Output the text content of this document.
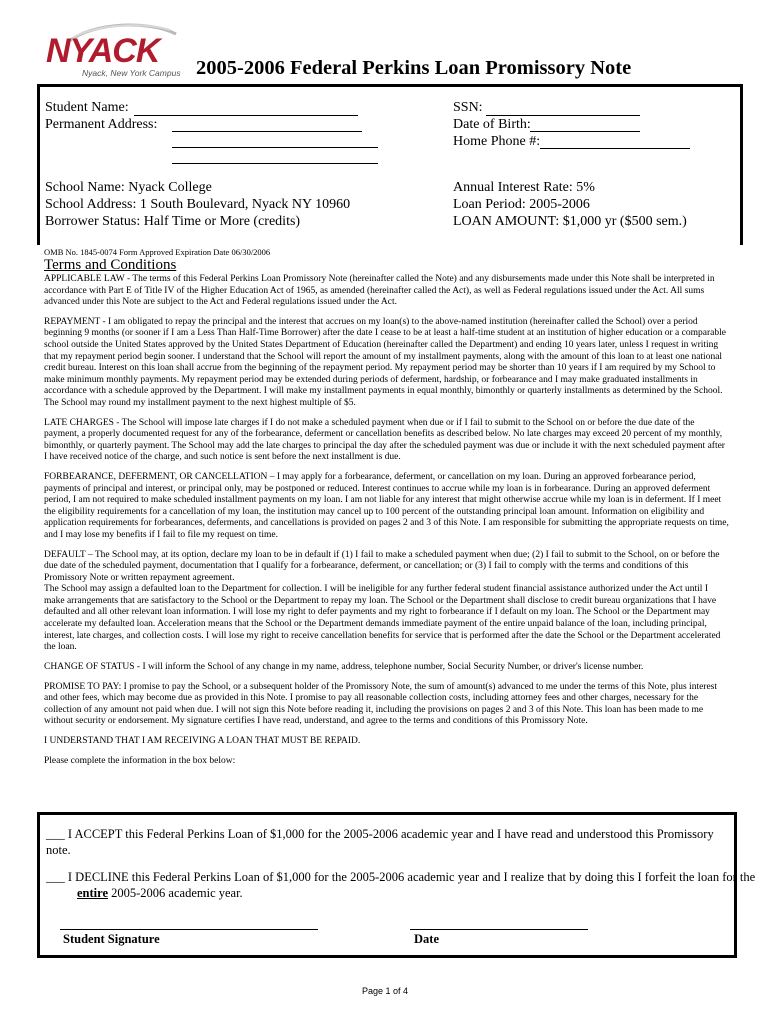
NYACK
Nyack, New York Campus 2005-2006 Federal Perkins Loan Promissory Note
Student Name:
Permanent Address:
SSN:
Date of Birth:
Home Phone #:
School Name: Nyack College
School Address: 1 South Boulevard, Nyack NY 10960
Borrower Status: Half Time or More (credits)
Annual Interest Rate: 5%
Loan Period: 2005-2006
LOAN AMOUNT: $1,000 yr ($500 sem.)
OMB No. 1845-0074 Form Approved Expiration Date 06/30/2006
Terms and Conditions

APPLICABLE LAW - The terms of this Federal Perkins Loan Promissory Note (hereinafter called the Note) and any disbursements made under this Note shall be interpreted in accordance with Part E of Title IV of the Higher Education Act of 1965, as amended (hereinafter called the Act), as well as Federal regulations issued under the Act. All sums advanced under this Note are subject to the Act and Federal regulations issued under the Act.

REPAYMENT - I am obligated to repay the principal and the interest that accrues on my loan(s) to the above-named institution (hereinafter called the School) over a period beginning 9 months (or sooner if I am a Less Than Half-Time Borrower) after the date I cease to be at least a half-time student at an institution of higher education or a comparable school outside the United States approved by the United States Department of Education (hereinafter called the Department) and ending 10 years later, unless I request in writing that my repayment period begin sooner. I understand that the School will report the amount of my installment payments, along with the amount of this loan to at least one national credit bureau. Interest on this loan shall accrue from the beginning of the repayment period. My repayment period may be shorter than 10 years if I am required by my School to make minimum monthly payments. My repayment period may be extended during periods of deferment, hardship, or forbearance and I may make graduated installments in accordance with a schedule approved by the Department. I will make my installment payments in equal monthly, bimonthly or quarterly installments as determined by the School. The School may round my installment payment to the next highest multiple of $5.

LATE CHARGES - The School will impose late charges if I do not make a scheduled payment when due or if I fail to submit to the School on or before the due date of the payment, a properly documented request for any of the forbearance, deferment or cancellation benefits as described below. No late charges may exceed 20 percent of my monthly, bimonthly, or quarterly payment. The School may add the late charges to principal the day after the scheduled payment was due or include it with the next scheduled payment after I have received notice of the charge, and such notice is sent before the next installment is due.

FORBEARANCE, DEFERMENT, OR CANCELLATION – I may apply for a forbearance, deferment, or cancellation on my loan. During an approved forbearance period, payments of principal and interest, or principal only, may be postponed or reduced. Interest continues to accrue while my loan is in forbearance. During an approved deferment period, I am not required to make scheduled installment payments on my loan. I am not liable for any interest that might otherwise accrue while my loan is in deferment. If I meet the eligibility requirements for a cancellation of my loan, the institution may cancel up to 100 percent of the outstanding principal loan amount. Information on eligibility and application requirements for forbearances, deferments, and cancellations is provided on pages 2 and 3 of this Note. I am responsible for submitting the appropriate requests on time, and I may lose my benefits if I fail to file my request on time.

DEFAULT – The School may, at its option, declare my loan to be in default if (1) I fail to make a scheduled payment when due; (2) I fail to submit to the School, on or before the due date of the scheduled payment, documentation that I qualify for a forbearance, deferment, or cancellation; or (3) I fail to comply with the terms and conditions of this Promissory Note or written repayment agreement.

The School may assign a defaulted loan to the Department for collection. I will be ineligible for any further federal student financial assistance authorized under the Act until I make arrangements that are satisfactory to the School or the Department to repay my loan. The School or the Department shall disclose to credit bureau organizations that I have defaulted and all other relevant loan information. I will lose my right to defer payments and my right to forbearance if I default on my loan. The School or the Department may accelerate my defaulted loan. Acceleration means that the School or the Department demands immediate payment of the entire unpaid balance of the loan, including principal, interest, late charges, and collection costs. I will lose my right to receive cancellation benefits for service that is performed after the date the School or the Department accelerated the loan.

CHANGE OF STATUS - I will inform the School of any change in my name, address, telephone number, Social Security Number, or driver's license number.

PROMISE TO PAY: I promise to pay the School, or a subsequent holder of the Promissory Note, the sum of amount(s) advanced to me under the terms of this Note, plus interest and other fees, which may become due as provided in this Note. I promise to pay all reasonable collection costs, including attorney fees and other charges, necessary for the collection of any amount not paid when due. I will not sign this Note before reading it, including the provisions on pages 2 and 3 of this Note. This loan has been made to me without security or endorsement. My signature certifies I have read, understand, and agree to the terms and conditions of this Promissory Note.

I UNDERSTAND THAT I AM RECEIVING A LOAN THAT MUST BE REPAID.

Please complete the information in the box below:

___ I ACCEPT this Federal Perkins Loan of $1,000 for the 2005-2006 academic year and I have read and understood this Promissory note.
___ I DECLINE this Federal Perkins Loan of $1,000 for the 2005-2006 academic year and I realize that by doing this I forfeit the loan for the entire 2005-2006 academic year.
Student Signature	Date
Page 1 of 4
